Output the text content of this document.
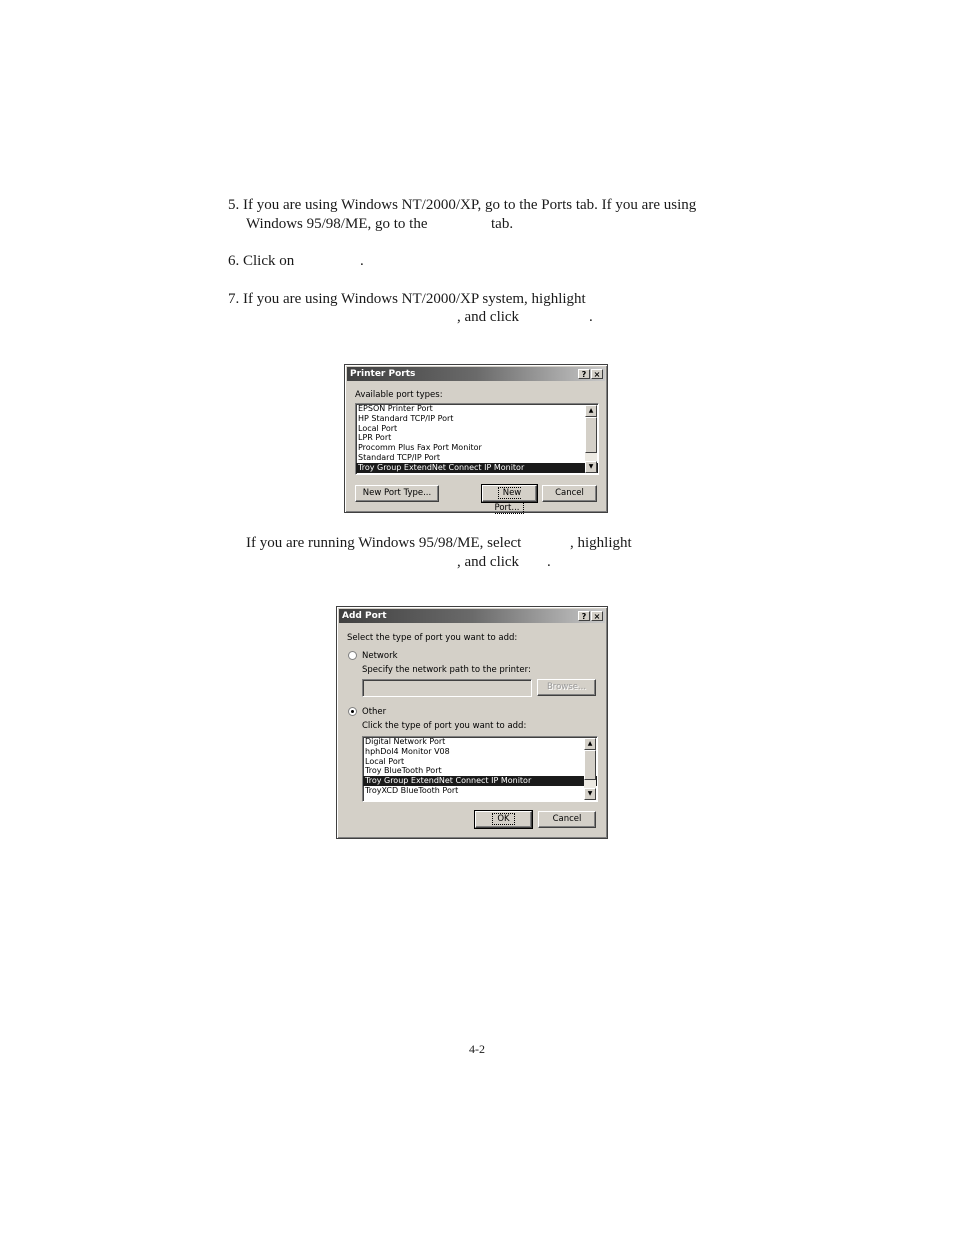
5. If you are using Windows NT/2000/XP, go to the Ports tab. If you are using
Windows 95/98/ME, go to the	tab.
6. Click on	.
7. If you are using Windows NT/2000/XP system, highlight
, and click	.
Printer Ports	? ×
Available port types:
EPSON Printer Port
HP Standard TCP/IP Port
Local Port
LPR Port
Procomm Plus Fax Port Monitor
Standard TCP/IP Port
Troy Group ExtendNet Connect IP Monitor
▲
▼
New Port Type...	New Port...
Cancel
If you are running Windows 95/98/ME, select	, highlight
, and click .
Add Port	? ×
Select the type of port you want to add:
Network
Specify the network path to the printer:
Browse...
Other
Click the type of port you want to add:
Digital Network Port
hphDol4 Monitor V08
Local Port
Troy BlueTooth Port
Troy Group ExtendNet Connect IP Monitor
TroyXCD BlueTooth Port
▲
▼
OK	Cancel
4-2
